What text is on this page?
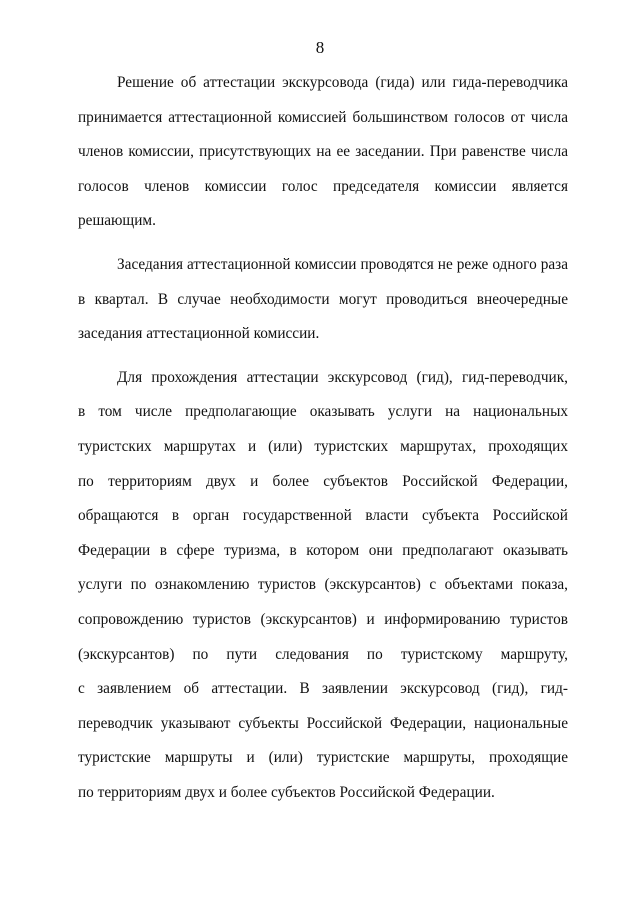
8
Решение об аттестации экскурсовода (гида) или гида-переводчика
принимается аттестационной комиссией большинством голосов от числа
членов комиссии, присутствующих на ее заседании. При равенстве числа
голосов членов комиссии голос председателя комиссии является
решающим.
Заседания аттестационной комиссии проводятся не реже одного раза
в квартал. В случае необходимости могут проводиться внеочередные
заседания аттестационной комиссии.
Для прохождения аттестации экскурсовод (гид), гид-переводчик,
в том числе предполагающие оказывать услуги на национальных
туристских маршрутах и (или) туристских маршрутах, проходящих
по территориям двух и более субъектов Российской Федерации,
обращаются в орган государственной власти субъекта Российской
Федерации в сфере туризма, в котором они предполагают оказывать
услуги по ознакомлению туристов (экскурсантов) с объектами показа,
сопровождению туристов (экскурсантов) и информированию туристов
(экскурсантов) по пути следования по туристскому маршруту,
с заявлением об аттестации. В заявлении экскурсовод (гид), гид-
переводчик указывают субъекты Российской Федерации, национальные
туристские маршруты и (или) туристские маршруты, проходящие
по территориям двух и более субъектов Российской Федерации.
